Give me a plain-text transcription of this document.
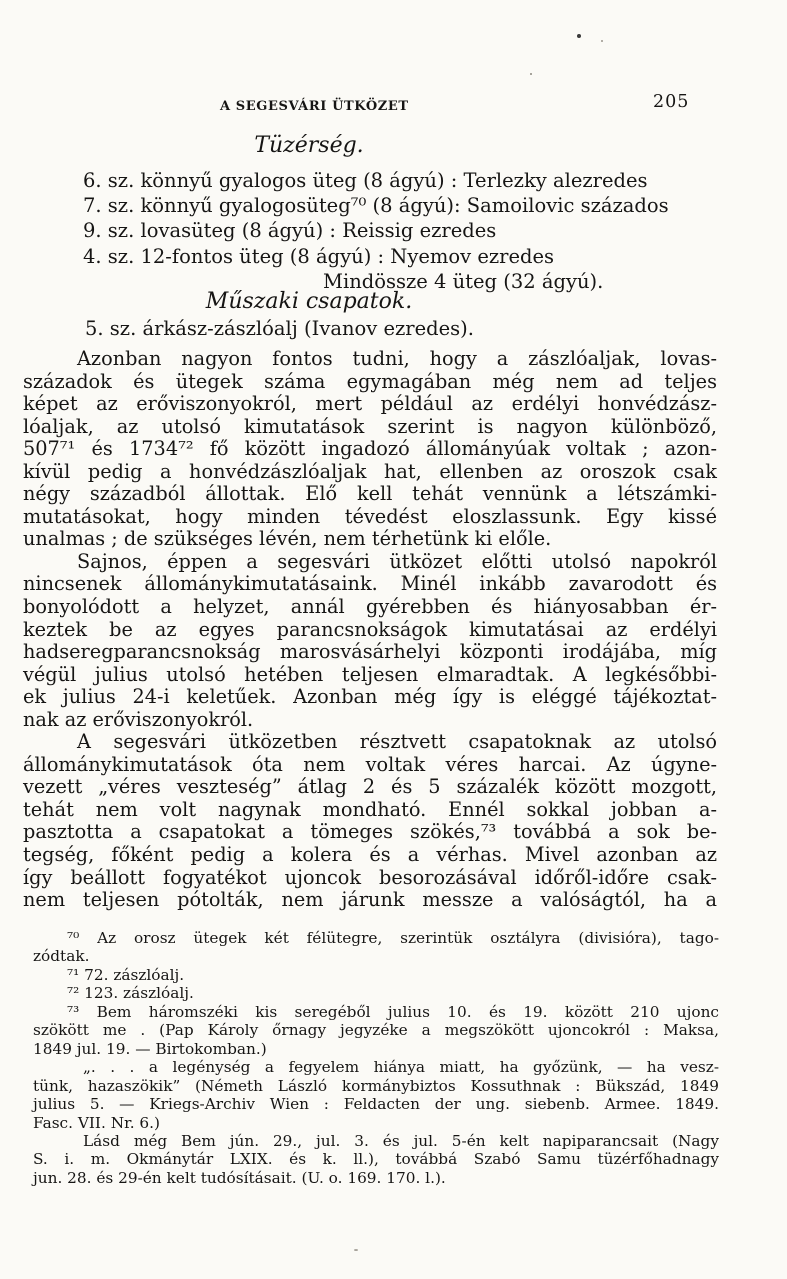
A SEGESVÁRI ÜTKÖZET	205
Tüzérség.
6. sz. könnyű gyalogos üteg (8 ágyú) : Terlezky alezredes
7. sz. könnyű gyalogosüteg⁷⁰ (8 ágyú): Samoilovic százados
9. sz. lovasüteg (8 ágyú) : Reissig ezredes
4. sz. 12-fontos üteg (8 ágyú) : Nyemov ezredes
Mindössze 4 üteg (32 ágyú).
Műszaki csapatok.
5. sz. árkász-zászlóalj (Ivanov ezredes).
Azonban nagyon fontos tudni, hogy a zászlóaljak, lovas-
századok és ütegek száma egymagában még nem ad teljes
képet az erőviszonyokról, mert például az erdélyi honvédzász-
lóaljak, az utolsó kimutatások szerint is nagyon különböző,
507⁷¹ és 1734⁷² fő között ingadozó állományúak voltak ; azon-
kívül pedig a honvédzászlóaljak hat, ellenben az oroszok csak
négy századból állottak. Elő kell tehát vennünk a létszámki-
mutatásokat, hogy minden tévedést eloszlassunk. Egy kissé
unalmas ; de szükséges lévén, nem térhetünk ki előle.
Sajnos, éppen a segesvári ütközet előtti utolsó napokról
nincsenek állománykimutatásaink. Minél inkább zavarodott és
bonyolódott a helyzet, annál gyérebben és hiányosabban ér-
keztek be az egyes parancsnokságok kimutatásai az erdélyi
hadseregparancsnokság marosvásárhelyi központi irodájába, míg
végül julius utolsó hetében teljesen elmaradtak. A legkésőbbi-
ek julius 24-i keletűek. Azonban még így is eléggé tájékoztat-
nak az erőviszonyokról.
A segesvári ütközetben résztvett csapatoknak az utolsó
állománykimutatások óta nem voltak véres harcai. Az úgyne-
vezett „véres veszteség” átlag 2 és 5 százalék között mozgott,
tehát nem volt nagynak mondható. Ennél sokkal jobban a-
pasztotta a csapatokat a tömeges szökés,⁷³ továbbá a sok be-
tegség, főként pedig a kolera és a vérhas. Mivel azonban az
így beállott fogyatékot ujoncok besorozásával időről-időre csak-
nem teljesen pótolták, nem járunk messze a valóságtól, ha a
⁷⁰ Az orosz ütegek két félütegre, szerintük osztályra (divisióra), tago-
zódtak.
⁷¹ 72. zászlóalj.
⁷² 123. zászlóalj.
⁷³ Bem háromszéki kis seregéből julius 10. és 19. között 210 ujonc
szökött me . (Pap Károly őrnagy jegyzéke a megszökött ujoncokról : Maksa,
1849 jul. 19. — Birtokomban.)
„. . . a legénység a fegyelem hiánya miatt, ha győzünk, — ha vesz-
tünk, hazaszökik” (Németh László kormánybiztos Kossuthnak : Bükszád, 1849
julius 5. — Kriegs-Archiv Wien : Feldacten der ung. siebenb. Armee. 1849.
Fasc. VII. Nr. 6.)
Lásd még Bem jún. 29., jul. 3. és jul. 5-én kelt napiparancsait (Nagy
S. i. m. Okmánytár LXIX. és k. ll.), továbbá Szabó Samu tüzérfőhadnagy
jun. 28. és 29-én kelt tudósításait. (U. o. 169. 170. l.).
